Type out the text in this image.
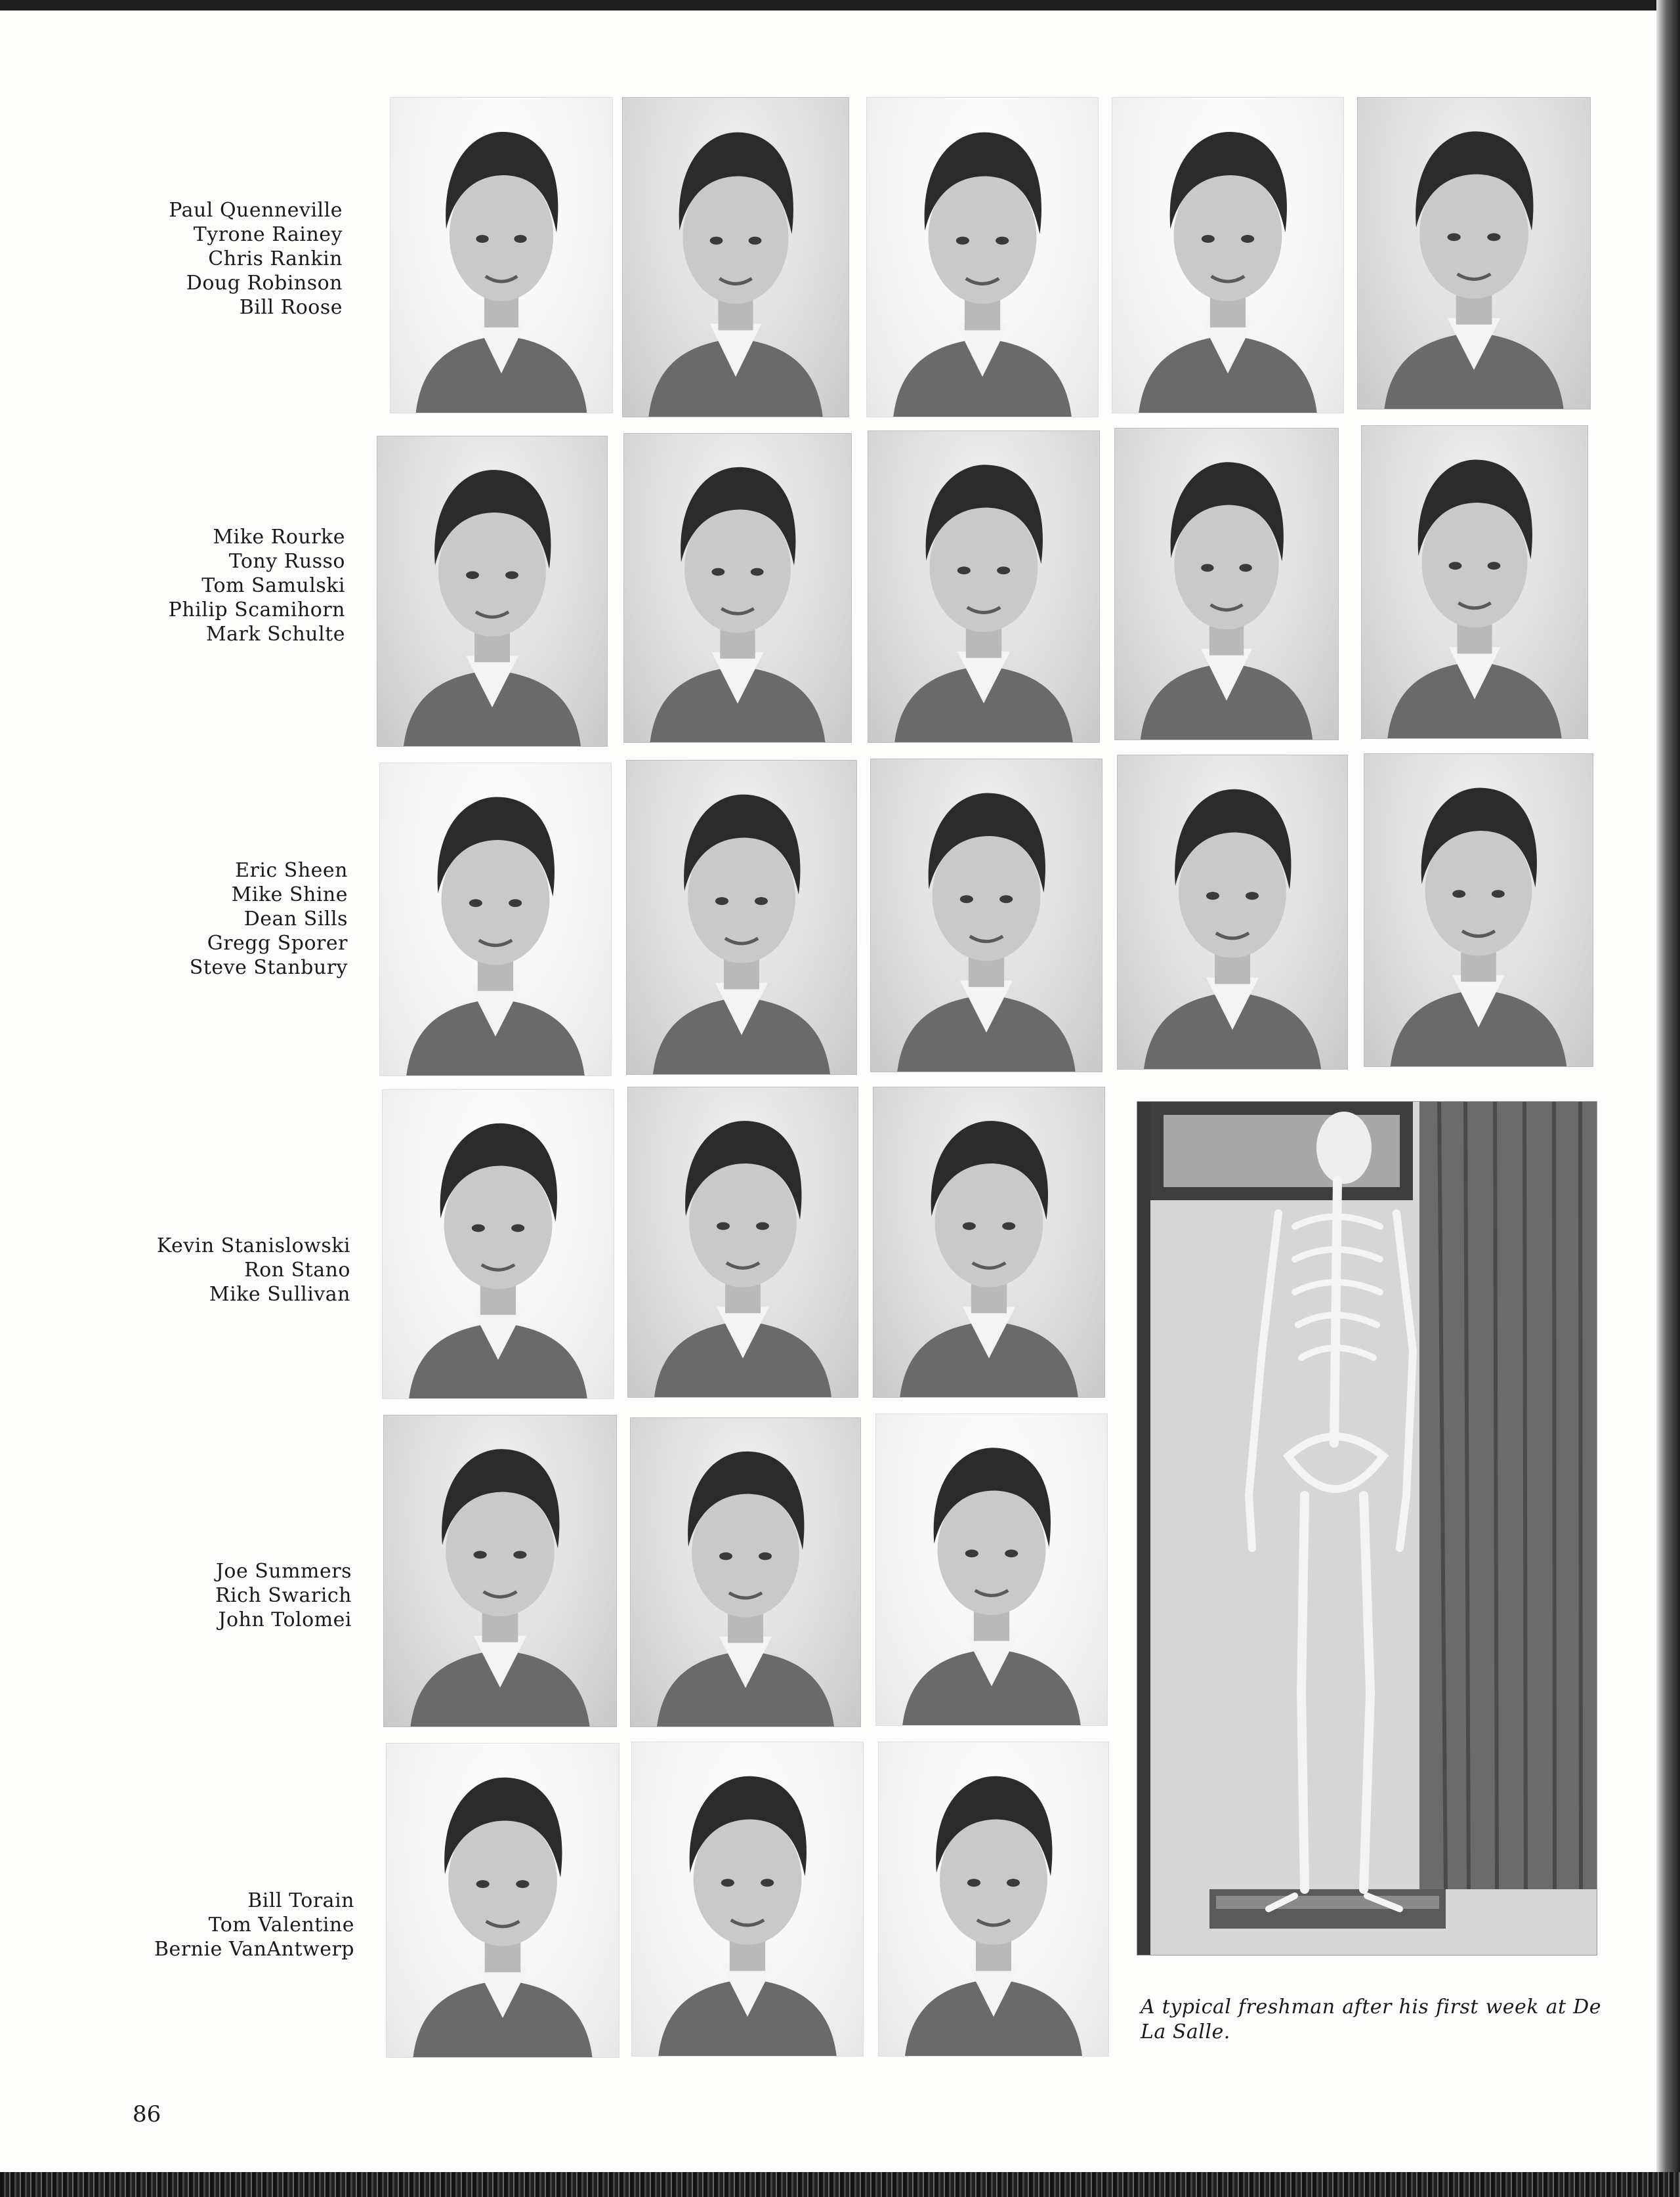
Paul Quenneville
Tyrone Rainey
Chris Rankin
Doug Robinson
Bill Roose
Mike Rourke
Tony Russo
Tom Samulski
Philip Scamihorn
Mark Schulte
Eric Sheen
Mike Shine
Dean Sills
Gregg Sporer
Steve Stanbury
Kevin Stanislowski
Ron Stano
Mike Sullivan
Joe Summers
Rich Swarich
John Tolomei
Bill Torain
Tom Valentine
Bernie VanAntwerp
A typical freshman after his first week at De La Salle.
86
